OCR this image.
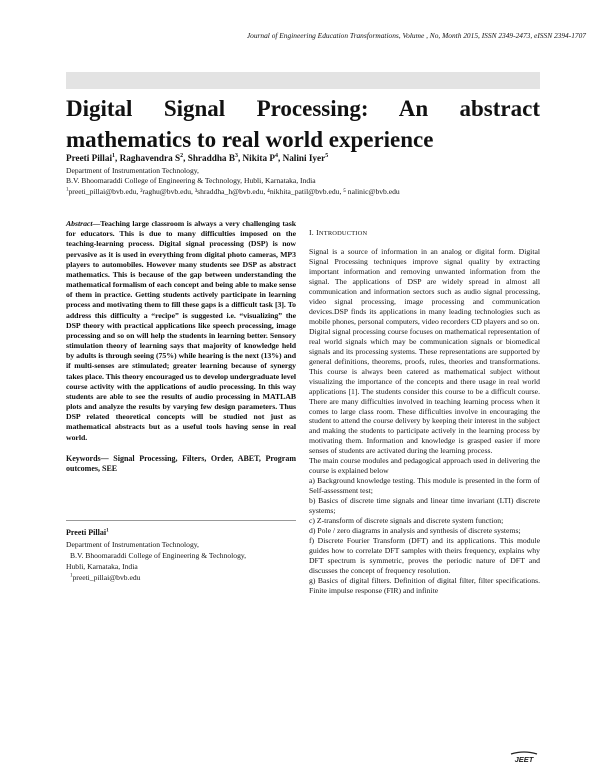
Journal of Engineering Education Transformations, Volume , No, Month 2015, ISSN 2349-2473, eISSN 2394-1707
Digital Signal Processing: An abstract
mathematics to real world experience
Preeti Pillai$^1$, Raghavendra $S^2$, Shraddha $B^3$, Nikita $P^4$, Nalini Iyer$^5$
Department of Instrumentation Technology,
B.V. Bhoomaraddi College of Engineering & Technology, Hubli, Karnataka, India
$^1$preeti_pillai@bvb.edu, ²raghu@bvb.edu, ³shraddha_h@bvb.edu, ⁴nikhita_patil@bvb.edu, ⁵ nalinic@bvb.edu
Abstract—Teaching large classroom is always a very challenging task for educators. This is due to many difficulties imposed on the teaching-learning process. Digital signal processing (DSP) is now pervasive as it is used in everything from digital photo cameras, MP3 players to automobiles. However many students see DSP as abstract mathematics. This is because of the gap between understanding the mathematical formalism of each concept and being able to make sense of them in practice. Getting students actively participate in learning process and motivating them to fill these gaps is a difficult task [3]. To address this difficulty a “recipe” is suggested i.e. “visualizing” the DSP theory with practical applications like speech processing, image processing and so on will help the students in learning better. Sensory stimulation theory of learning says that majority of knowledge held by adults is through seeing (75%) while hearing is the next (13%) and if multi-senses are stimulated; greater learning because of synergy takes place. This theory encouraged us to develop undergraduate level course activity with the applications of audio processing. In this way students are able to see the results of audio processing in MATLAB plots and analyze the results by varying few design parameters. Thus DSP related theoretical concepts will be studied not just as mathematical abstracts but as a useful tools having sense in real world.
Keywords— Signal Processing, Filters, Order, ABET, Program outcomes, SEE
Preeti Pillai$^1$
Department of Instrumentation Technology,
B.V. Bhoomaraddi College of Engineering & Technology,
Hubli, Karnataka, India
$^1$preeti_pillai@bvb.edu
I. INTRODUCTION

Signal is a source of information in an analog or digital form. Digital Signal Processing techniques improve signal quality by extracting important information and removing unwanted information from the signal. The applications of DSP are widely spread in almost all communication and information sectors such as audio signal processing, video signal processing, image processing and communication devices.DSP finds its applications in many leading technologies such as mobile phones, personal computers, video recorders CD players and so on.

Digital signal processing course focuses on mathematical representation of real world signals which may be communication signals or biomedical signals and its processing systems. These representations are supported by general definitions, theorems, proofs, rules, theories and transformations. This course is always been catered as mathematical subject without visualizing the importance of the concepts and there usage in real world applications [1]. The students consider this course to be a difficult course. There are many difficulties involved in teaching learning process when it comes to large class room. These difficulties involve in encouraging the student to attend the course delivery by keeping their interest in the subject and making the students to participate actively in the learning process by motivating them. Information and knowledge is grasped easier if more senses of students are activated during the learning process.

The main course modules and pedagogical approach used in delivering the course is explained below

a) Background knowledge testing. This module is presented in the form of Self-assessment test;

b) Basics of discrete time signals and linear time invariant (LTI) discrete systems;

c) Z-transform of discrete signals and discrete system function;

d) Pole / zero diagrams in analysis and synthesis of discrete systems;

f) Discrete Fourier Transform (DFT) and its applications. This module guides how to correlate DFT samples with theirs frequency, explains why DFT spectrum is symmetric, proves the periodic nature of DFT and discusses the concept of frequency resolution.

g) Basics of digital filters. Definition of digital filter, filter specifications. Finite impulse response (FIR) and infinite

JEET
